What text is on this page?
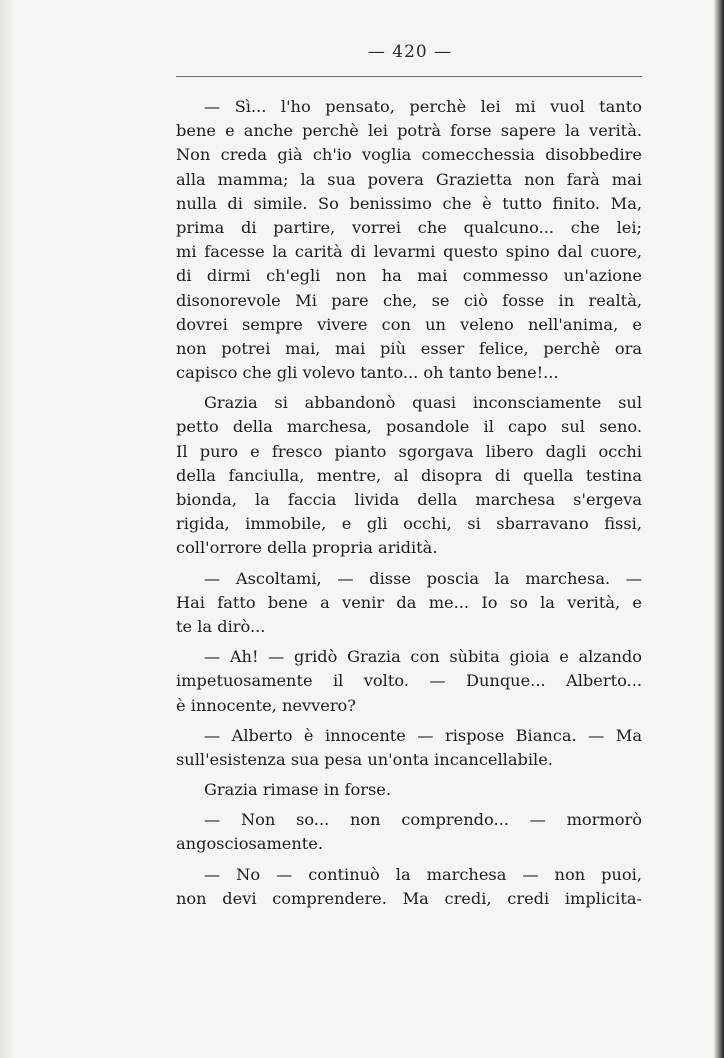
— 420 —
— Sì... l'ho pensato, perchè lei mi vuol tanto
bene e anche perchè lei potrà forse sapere la verità.
Non creda già ch'io voglia comecchessia disobbedire
alla mamma; la sua povera Grazietta non farà mai
nulla di simile. So benissimo che è tutto finito. Ma,
prima di partire, vorrei che qualcuno... che lei;
mi facesse la carità di levarmi questo spino dal cuore,
di dirmi ch'egli non ha mai commesso un'azione
disonorevole Mi pare che, se ciò fosse in realtà,
dovrei sempre vivere con un veleno nell'anima, e
non potrei mai, mai più esser felice, perchè ora
capisco che gli volevo tanto... oh tanto bene!...
Grazia si abbandonò quasi inconsciamente sul
petto della marchesa, posandole il capo sul seno.
Il puro e fresco pianto sgorgava libero dagli occhi
della fanciulla, mentre, al disopra di quella testina
bionda, la faccia livida della marchesa s'ergeva
rigida, immobile, e gli occhi, si sbarravano fissi,
coll'orrore della propria aridità.
— Ascoltami, — disse poscia la marchesa. —
Hai fatto bene a venir da me... Io so la verità, e
te la dirò...
— Ah! — gridò Grazia con sùbita gioia e alzando
impetuosamente il volto. — Dunque... Alberto...
è innocente, nevvero?
— Alberto è innocente — rispose Bianca. — Ma
sull'esistenza sua pesa un'onta incancellabile.
Grazia rimase in forse.
— Non so... non comprendo... — mormorò
angosciosamente.
— No — continuò la marchesa — non puoi,
non devi comprendere. Ma credi, credi implicita-
